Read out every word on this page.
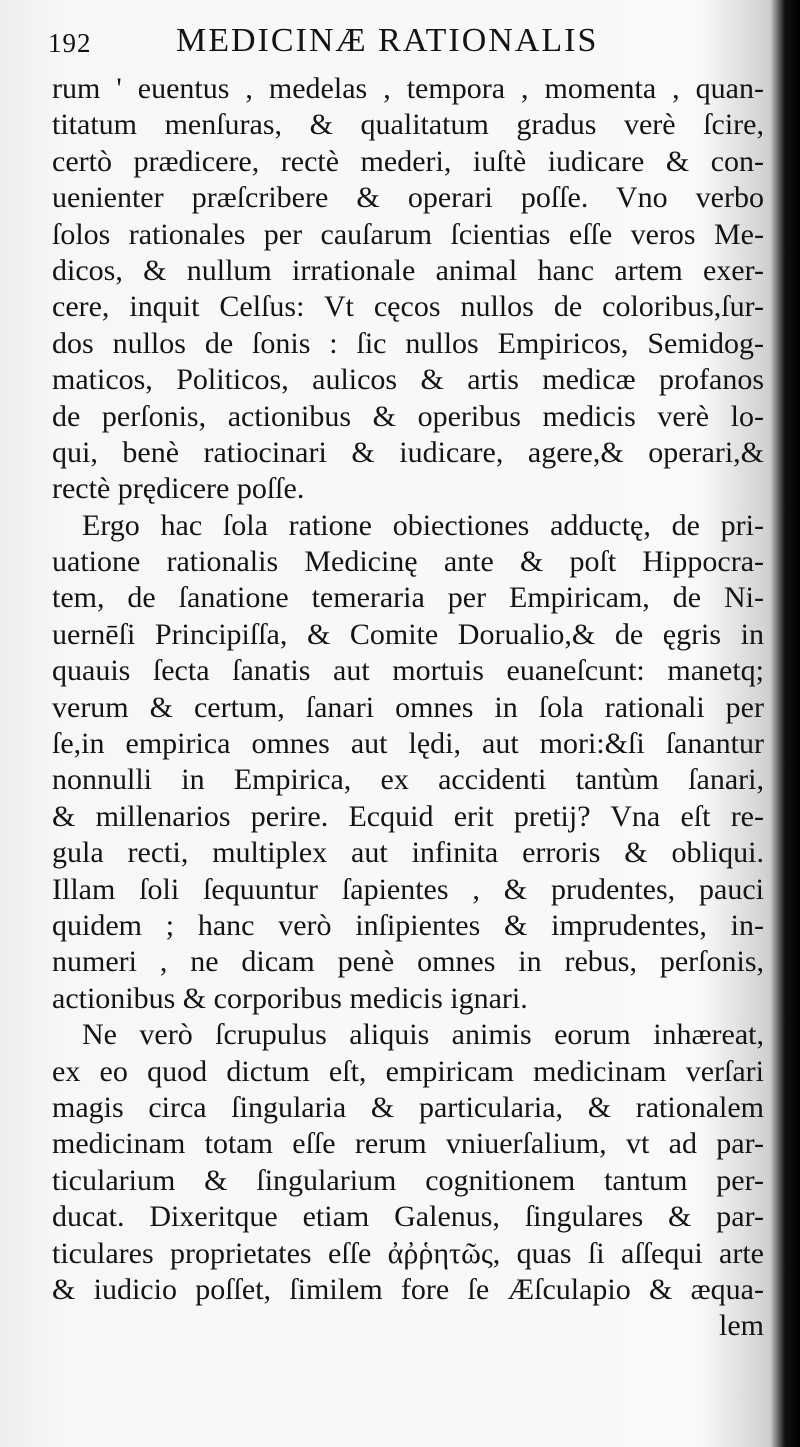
192 MEDICINÆ RATIONALIS
rum ' euentus , medelas , tempora , momenta , quan-
titatum menſuras, & qualitatum gradus verè ſcire,
certò prædicere, rectè mederi, iuſtè iudicare & con-
uenienter præſcribere & operari poſſe. Vno verbo
ſolos rationales per cauſarum ſcientias eſſe veros Me-
dicos, & nullum irrationale animal hanc artem exer-
cere, inquit Celſus: Vt cęcos nullos de coloribus,ſur-
dos nullos de ſonis : ſic nullos Empiricos, Semidog-
maticos, Politicos, aulicos & artis medicæ profanos
de perſonis, actionibus & operibus medicis verè lo-
qui, benè ratiocinari & iudicare, agere,& operari,&
rectè prędicere poſſe.
Ergo hac ſola ratione obiectiones adductę, de pri-
uatione rationalis Medicinę ante & poſt Hippocra-
tem, de ſanatione temeraria per Empiricam, de Ni-
uernēſi Principiſſa, & Comite Dorualio,& de ęgris in
quauis ſecta ſanatis aut mortuis euaneſcunt: manetq;
verum & certum, ſanari omnes in ſola rationali per
ſe,in empirica omnes aut lędi, aut mori:&ſi ſanantur
nonnulli in Empirica, ex accidenti tantùm ſanari,
& millenarios perire. Ecquid erit pretij? Vna eſt re-
gula recti, multiplex aut infinita erroris & obliqui.
Illam ſoli ſequuntur ſapientes , & prudentes, pauci
quidem ; hanc verò inſipientes & imprudentes, in-
numeri , ne dicam penè omnes in rebus, perſonis,
actionibus & corporibus medicis ignari.
Ne verò ſcrupulus aliquis animis eorum inhæreat,
ex eo quod dictum eſt, empiricam medicinam verſari
magis circa ſingularia & particularia, & rationalem
medicinam totam eſſe rerum vniuerſalium, vt ad par-
ticularium & ſingularium cognitionem tantum per-
ducat. Dixeritque etiam Galenus, ſingulares & par-
ticulares proprietates eſſe ἀῤῥητῶς, quas ſi aſſequi arte
& iudicio poſſet, ſimilem fore ſe Æſculapio & æqua-
lem
